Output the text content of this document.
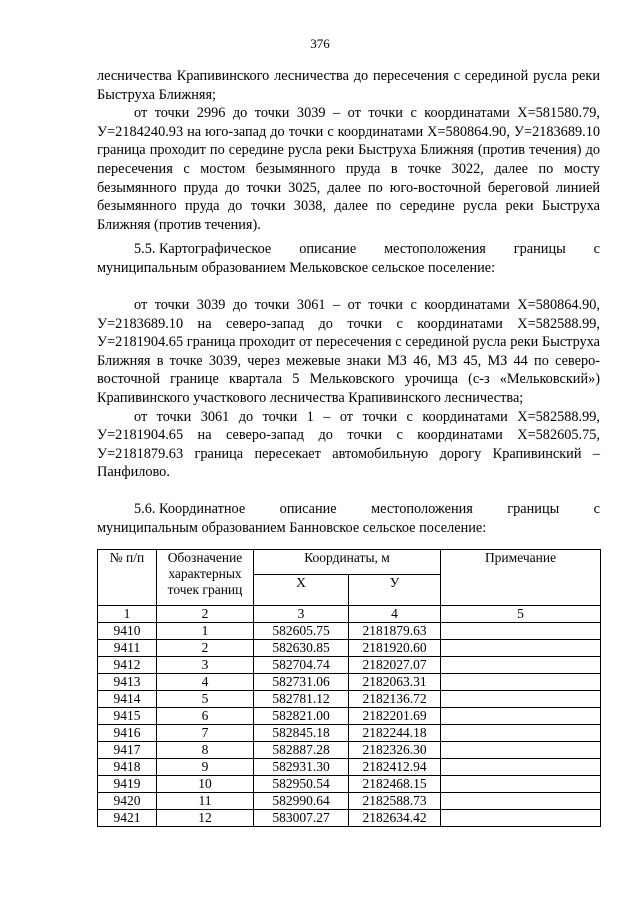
376

лесничества Крапивинского лесничества до пересечения с серединой русла реки Быструха Ближняя;

от точки 2996 до точки 3039 – от точки с координатами Х=581580.79, У=2184240.93 на юго-запад до точки с координатами Х=580864.90, У=2183689.10 граница проходит по середине русла реки Быструха Ближняя (против течения) до пересечения с мостом безымянного пруда в точке 3022, далее по мосту безымянного пруда до точки 3025, далее по юго-восточной береговой линией безымянного пруда до точки 3038, далее по середине русла реки Быструха Ближняя (против течения).

5.5. Картографическое описание местоположения границы с

муниципальным образованием Мельковское сельское поселение:

от точки 3039 до точки 3061 – от точки с координатами Х=580864.90, У=2183689.10 на северо-запад до точки с координатами Х=582588.99, У=2181904.65 граница проходит от пересечения с серединой русла реки Быструха Ближняя в точке 3039, через межевые знаки МЗ 46, МЗ 45, МЗ 44 по северо-восточной границе квартала 5 Мельковского урочища (с-з «Мельковский») Крапивинского участкового лесничества Крапивинского лесничества;

от точки 3061 до точки 1 – от точки с координатами Х=582588.99, У=2181904.65 на северо-запад до точки с координатами Х=582605.75, У=2181879.63 граница пересекает автомобильную дорогу Крапивинский – Панфилово.

5.6. Координатное описание местоположения границы с

муниципальным образованием Банновское сельское поселение:

№ п/п	Обозначение характерных точек границ	Координаты, м		Примечание
		Х	У	
1	2	3	4	5
9410	1	582605.75	2181879.63	
9411	2	582630.85	2181920.60	
9412	3	582704.74	2182027.07	
9413	4	582731.06	2182063.31	
9414	5	582781.12	2182136.72	
9415	6	582821.00	2182201.69	
9416	7	582845.18	2182244.18	
9417	8	582887.28	2182326.30	
9418	9	582931.30	2182412.94	
9419	10	582950.54	2182468.15	
9420	11	582990.64	2182588.73	
9421	12	583007.27	2182634.42	
